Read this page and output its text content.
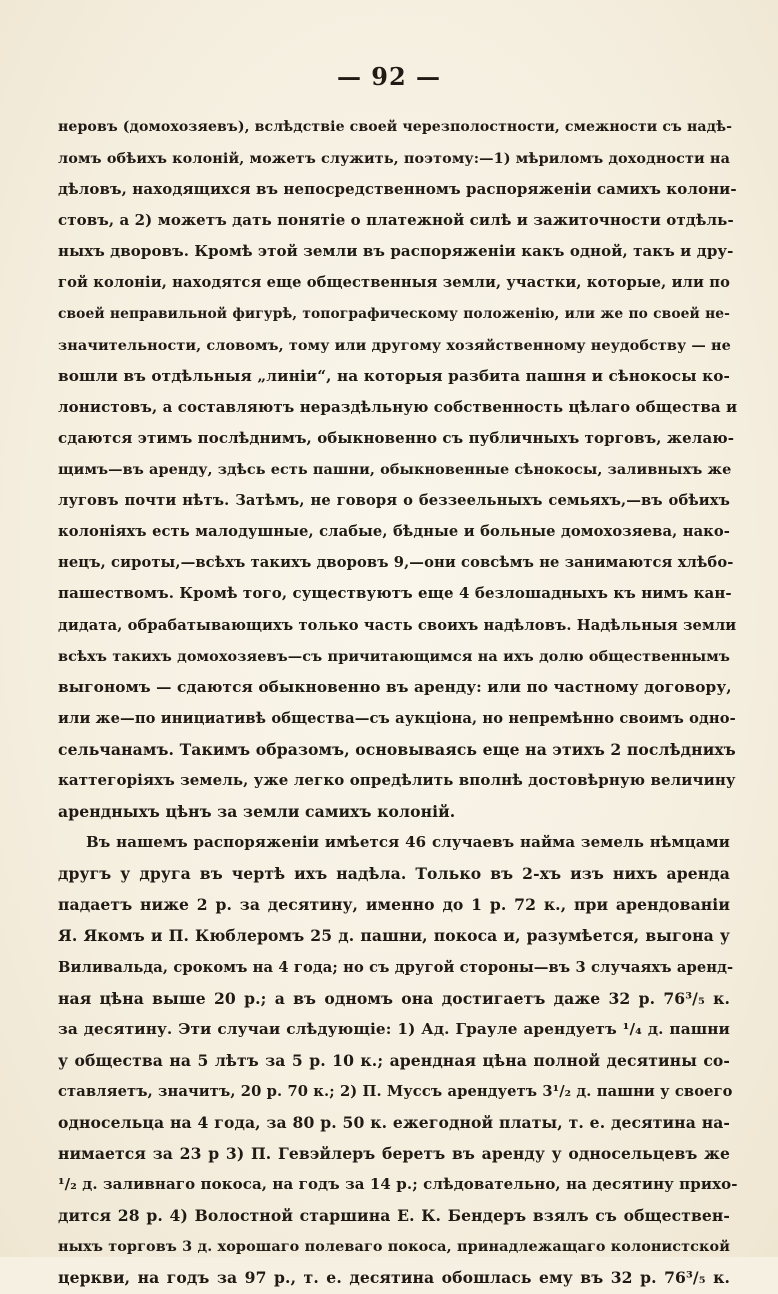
— 92 —
неровъ (домохозяевъ), вслѣдствіе своей черезполостности, смежности съ надѣ-
ломъ обѣихъ колоній, можетъ служить, поэтому:—1) мѣриломъ доходности на
дѣловъ, находящихся въ непосредственномъ распоряженіи самихъ колони-
стовъ, а 2) можетъ дать понятіе о платежной силѣ и зажиточности отдѣль-
ныхъ дворовъ. Кромѣ этой земли въ распоряженіи какъ одной, такъ и дру-
гой колоніи, находятся еще общественныя земли, участки, которые, или по
своей неправильной фигурѣ, топографическому положенію, или же по своей не-
значительности, словомъ, тому или другому хозяйственному неудобству — не
вошли въ отдѣльныя „линіи“, на которыя разбита пашня и сѣнокосы ко-
лонистовъ, а составляютъ нераздѣльную собственность цѣлаго общества и
сдаются этимъ послѣднимъ, обыкновенно съ публичныхъ торговъ, желаю-
щимъ—въ аренду, здѣсь есть пашни, обыкновенные сѣнокосы, заливныхъ же
луговъ почти нѣтъ. Затѣмъ, не говоря о беззеельныхъ семьяхъ,—въ обѣихъ
колоніяхъ есть малодушные, слабые, бѣдные и больные домохозяева, нако-
нецъ, сироты,—всѣхъ такихъ дворовъ 9,—они совсѣмъ не занимаются хлѣбо-
пашествомъ. Кромѣ того, существуютъ еще 4 безлошадныхъ къ нимъ кан-
дидата, обрабатывающихъ только часть своихъ надѣловъ. Надѣльныя земли
всѣхъ такихъ домохозяевъ—съ причитающимся на ихъ долю общественнымъ
выгономъ — сдаются обыкновенно въ аренду: или по частному договору,
или же—по инициативѣ общества—съ аукціона, но непремѣнно своимъ одно-
сельчанамъ. Такимъ образомъ, основываясь еще на этихъ 2 послѣднихъ
каттегоріяхъ земель, уже легко опредѣлить вполнѣ достовѣрную величину
арендныхъ цѣнъ за земли самихъ колоній.
Въ нашемъ распоряженіи имѣется 46 случаевъ найма земель нѣмцами
другъ у друга въ чертѣ ихъ надѣла. Только въ 2-хъ изъ нихъ аренда
падаетъ ниже 2 р. за десятину, именно до 1 р. 72 к., при арендованіи
Я. Якомъ и П. Кюблеромъ 25 д. пашни, покоса и, разумѣется, выгона у
Виливальда, срокомъ на 4 года; но съ другой стороны—въ 3 случаяхъ аренд-
ная цѣна выше 20 р.; а въ одномъ она достигаетъ даже 32 р. 76³/₅ к.
за десятину. Эти случаи слѣдующіе: 1) Ад. Грауле арендуетъ ¹/₄ д. пашни
у общества на 5 лѣтъ за 5 р. 10 к.; арендная цѣна полной десятины со-
ставляетъ, значитъ, 20 р. 70 к.; 2) П. Муссъ арендуетъ 3¹/₂ д. пашни у своего
односельца на 4 года, за 80 р. 50 к. ежегодной платы, т. е. десятина на-
нимается за 23 р 3) П. Гевэйлеръ беретъ въ аренду у односельцевъ же
¹/₂ д. заливнаго покоса, на годъ за 14 р.; слѣдовательно, на десятину прихо-
дится 28 р. 4) Волостной старшина Е. К. Бендеръ взялъ съ обществен-
ныхъ торговъ 3 д. хорошаго полеваго покоса, принадлежащаго колонистской
церкви, на годъ за 97 р., т. е. десятина обошлась ему въ 32 р. 76³/₅ к.
